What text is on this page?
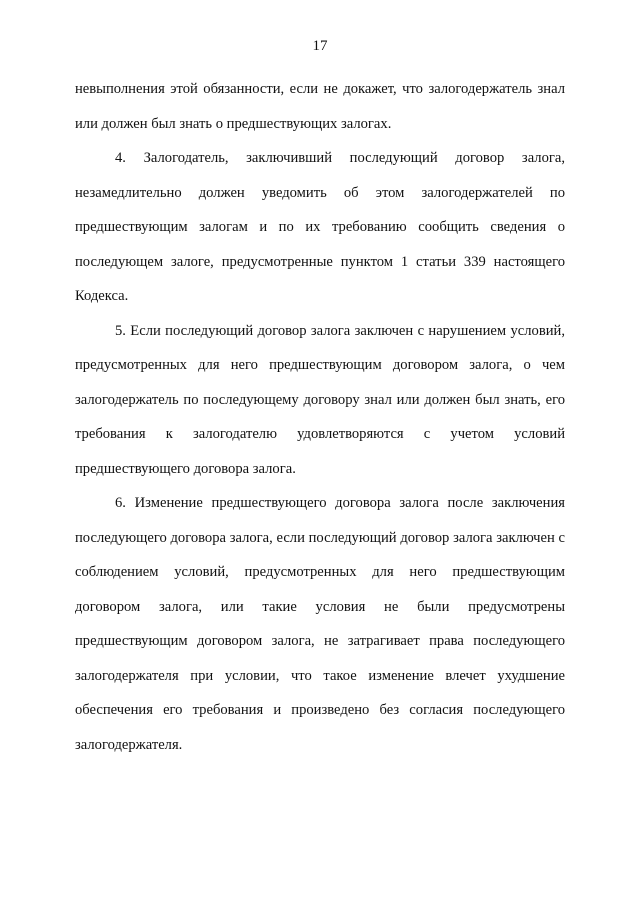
17

невыполнения этой обязанности, если не докажет, что залогодержатель знал или должен был знать о предшествующих залогах.

4. Залогодатель, заключивший последующий договор залога, незамедлительно должен уведомить об этом залогодержателей по предшествующим залогам и по их требованию сообщить сведения о последующем залоге, предусмотренные пунктом 1 статьи 339 настоящего Кодекса.

5. Если последующий договор залога заключен с нарушением условий, предусмотренных для него предшествующим договором залога, о чем залогодержатель по последующему договору знал или должен был знать, его требования к залогодателю удовлетворяются с учетом условий предшествующего договора залога.

6. Изменение предшествующего договора залога после заключения последующего договора залога, если последующий договор залога заключен с соблюдением условий, предусмотренных для него предшествующим договором залога, или такие условия не были предусмотрены предшествующим договором залога, не затрагивает права последующего залогодержателя при условии, что такое изменение влечет ухудшение обеспечения его требования и произведено без согласия последующего залогодержателя.
